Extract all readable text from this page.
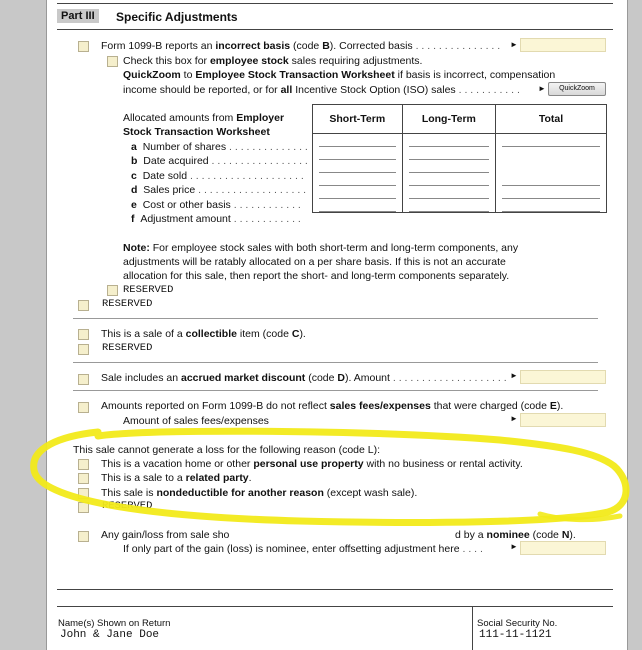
Part III	Specific Adjustments
Form 1099-B reports an incorrect basis (code B). Corrected basis . . . . . . . . . . . . . . . ►
Check this box for employee stock sales requiring adjustments.
QuickZoom to Employee Stock Transaction Worksheet if basis is incorrect, compensation
income should be reported, or for all Incentive Stock Option (ISO) sales . . . . . . . . . . . ►	QuickZoom
Allocated amounts from Employer
Stock Transaction Worksheet
a Number of shares . . . . . . . . . . . . . .
b Date acquired . . . . . . . . . . . . . . . . .
c Date sold . . . . . . . . . . . . . . . . . . . .
d Sales price . . . . . . . . . . . . . . . . . . .
e Cost or other basis . . . . . . . . . . . .
f Adjustment amount . . . . . . . . . . . .
Short-Term	Long-Term	Total

Note: For employee stock sales with both short-term and long-term components, any
adjustments will be ratably allocated on a per share basis. If this is not an accurate
allocation for this sale, then report the short- and long-term components separately.
RESERVED
RESERVED
This is a sale of a collectible item (code C).
RESERVED
Sale includes an accrued market discount (code D). Amount . . . . . . . . . . . . . . . . . . . . ►
Amounts reported on Form 1099-B do not reflect sales fees/expenses that were charged (code E).
Amount of sales fees/expenses	►
This sale cannot generate a loss for the following reason (code L):
This is a vacation home or other personal use property with no business or rental activity.
This is a sale to a related party.
This sale is nondeductible for another reason (except wash sale).
RESERVED
Any gain/loss from sale sho	d by a nominee (code N).
If only part of the gain (loss) is nominee, enter offsetting adjustment here . . . .	►
Name(s) Shown on Return
John & Jane Doe
Social Security No.
111-11-1121
